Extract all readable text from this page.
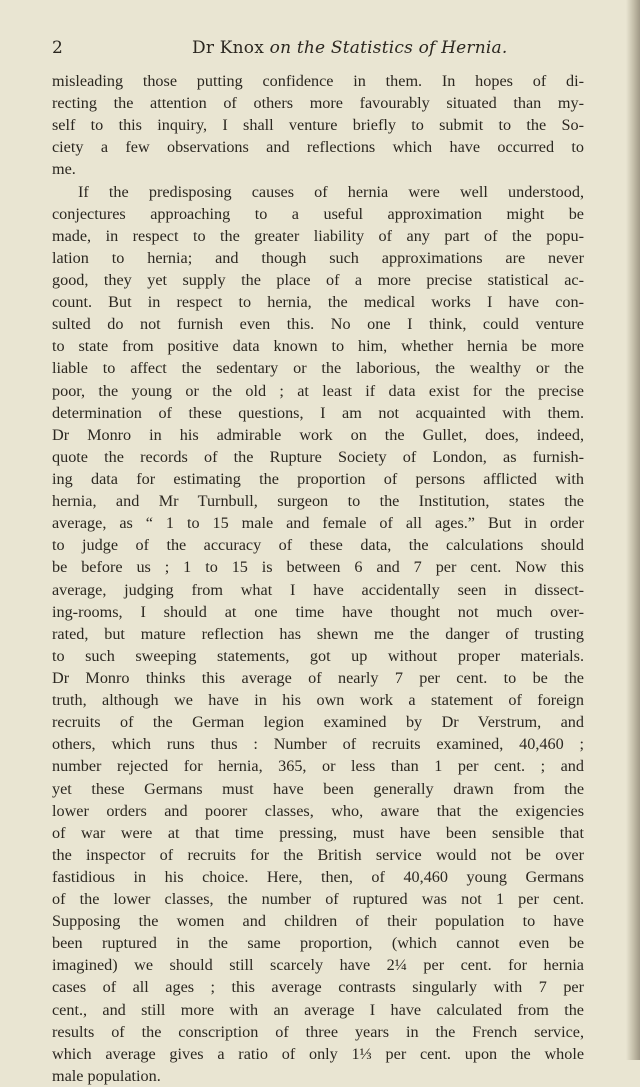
2	Dr Knox on the Statistics of Hernia.
misleading those putting confidence in them. In hopes of di-
recting the attention of others more favourably situated than my-
self to this inquiry, I shall venture briefly to submit to the So-
ciety a few observations and reflections which have occurred to
me.
If the predisposing causes of hernia were well understood,
conjectures approaching to a useful approximation might be
made, in respect to the greater liability of any part of the popu-
lation to hernia; and though such approximations are never
good, they yet supply the place of a more precise statistical ac-
count. But in respect to hernia, the medical works I have con-
sulted do not furnish even this. No one I think, could venture
to state from positive data known to him, whether hernia be more
liable to affect the sedentary or the laborious, the wealthy or the
poor, the young or the old ; at least if data exist for the precise
determination of these questions, I am not acquainted with them.
Dr Monro in his admirable work on the Gullet, does, indeed,
quote the records of the Rupture Society of London, as furnish-
ing data for estimating the proportion of persons afflicted with
hernia, and Mr Turnbull, surgeon to the Institution, states the
average, as “ 1 to 15 male and female of all ages.” But in order
to judge of the accuracy of these data, the calculations should
be before us ; 1 to 15 is between 6 and 7 per cent. Now this
average, judging from what I have accidentally seen in dissect-
ing-rooms, I should at one time have thought not much over-
rated, but mature reflection has shewn me the danger of trusting
to such sweeping statements, got up without proper materials.
Dr Monro thinks this average of nearly 7 per cent. to be the
truth, although we have in his own work a statement of foreign
recruits of the German legion examined by Dr Verstrum, and
others, which runs thus : Number of recruits examined, 40,460 ;
number rejected for hernia, 365, or less than 1 per cent. ; and
yet these Germans must have been generally drawn from the
lower orders and poorer classes, who, aware that the exigencies
of war were at that time pressing, must have been sensible that
the inspector of recruits for the British service would not be over
fastidious in his choice. Here, then, of 40,460 young Germans
of the lower classes, the number of ruptured was not 1 per cent.
Supposing the women and children of their population to have
been ruptured in the same proportion, (which cannot even be
imagined) we should still scarcely have 2¼ per cent. for hernia
cases of all ages ; this average contrasts singularly with 7 per
cent., and still more with an average I have calculated from the
results of the conscription of three years in the French service,
which average gives a ratio of only 1⅓ per cent. upon the whole
male population.
